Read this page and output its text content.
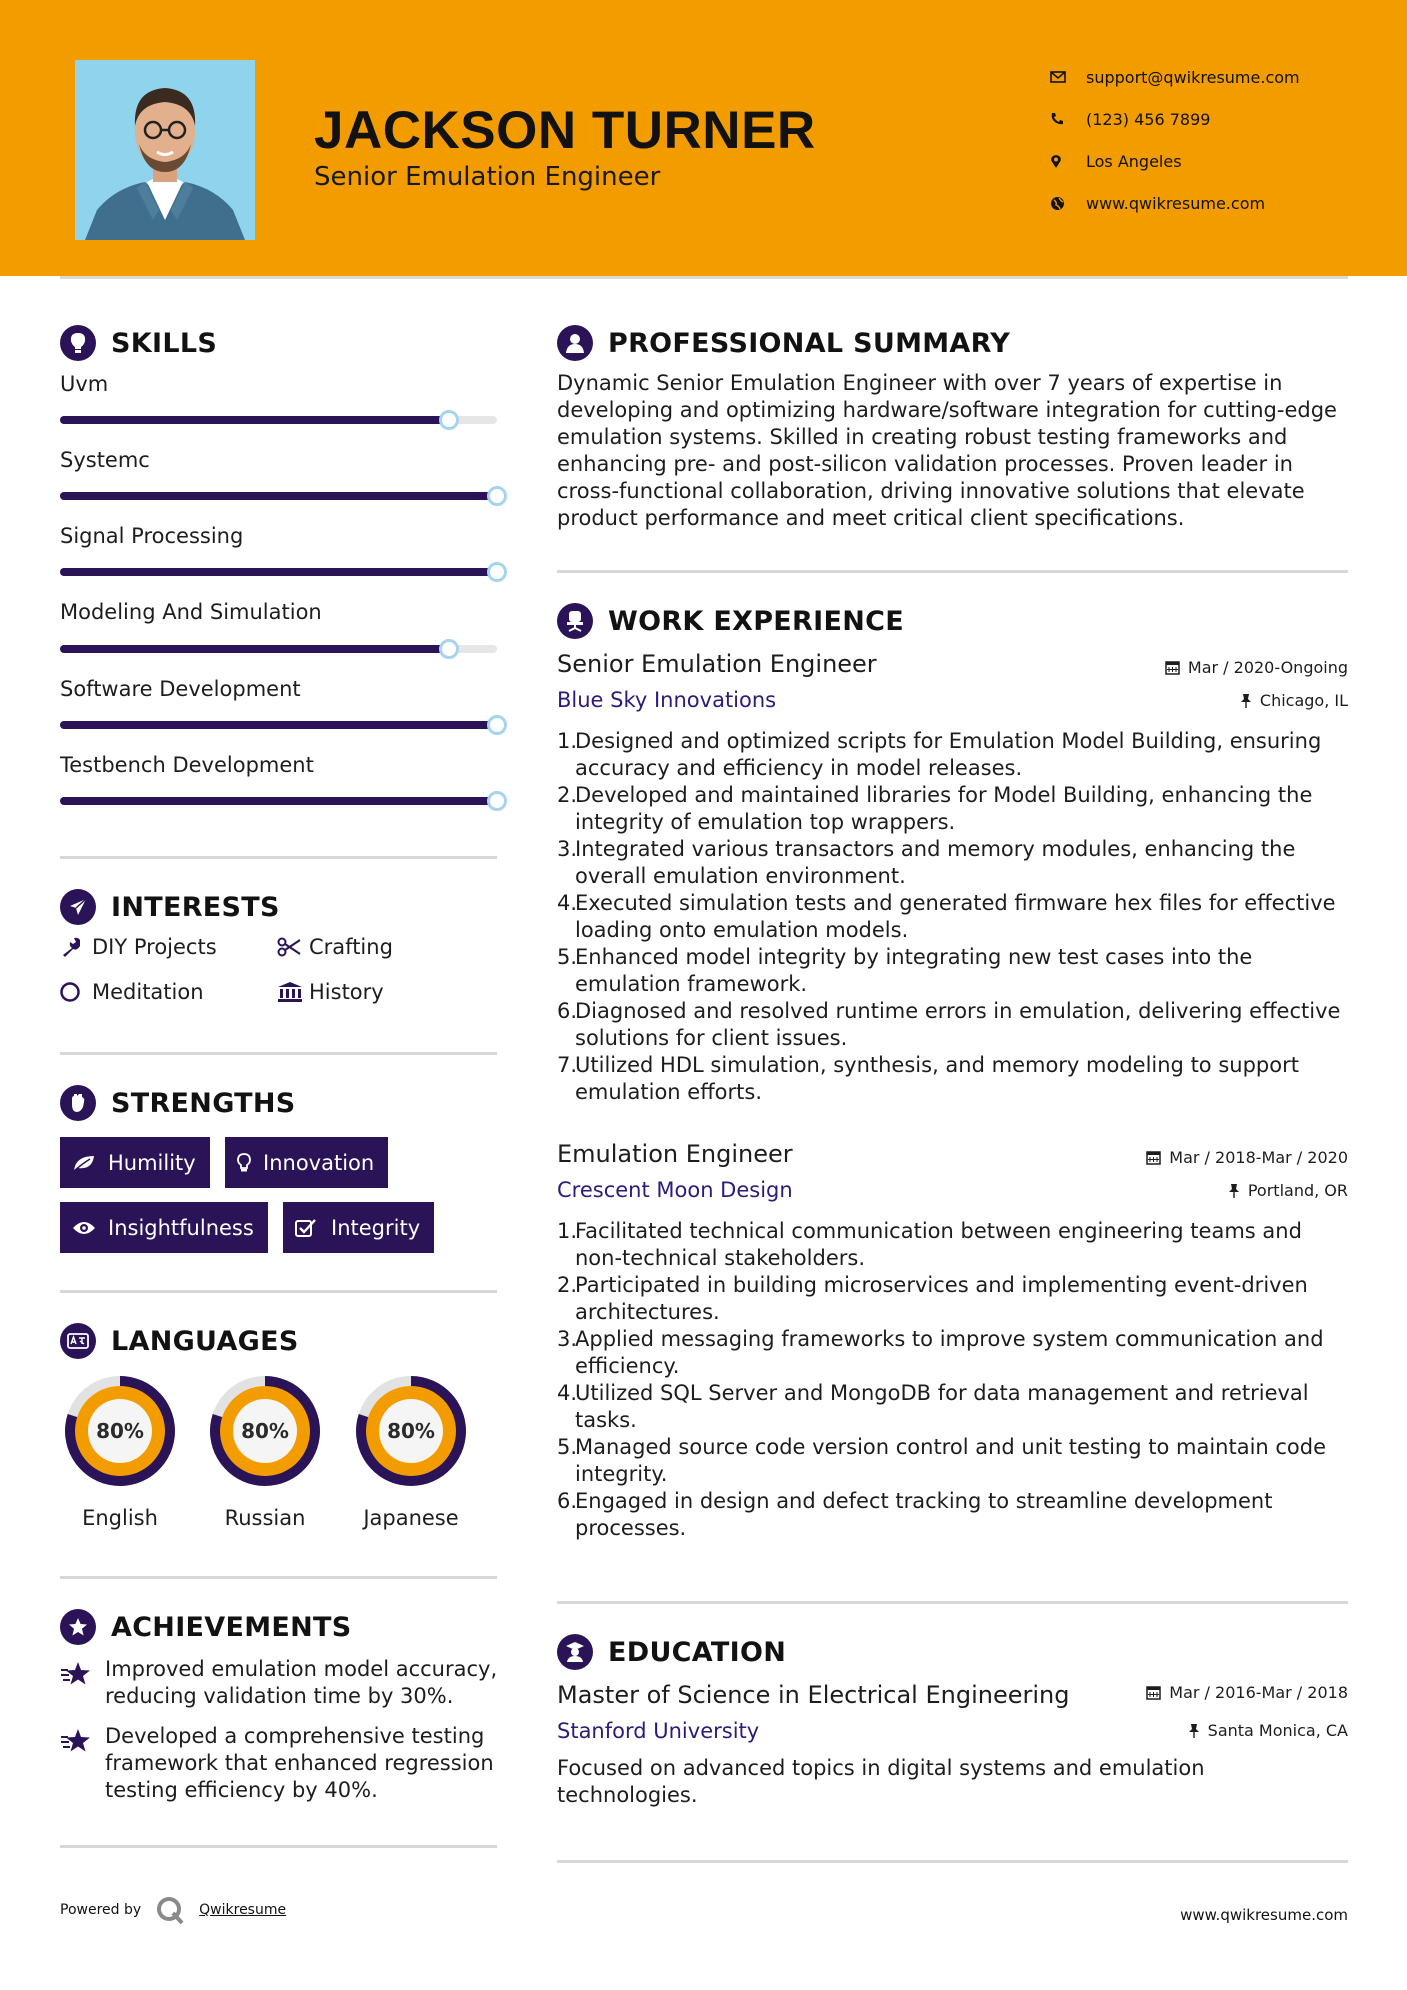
JACKSON TURNER
Senior Emulation Engineer
support@qwikresume.com
(123) 456 7899
Los Angeles
www.qwikresume.com
SKILLS
Uvm
Systemc
Signal Processing
Modeling And Simulation
Software Development
Testbench Development
INTERESTS
DIY Projects	Crafting
Meditation	History
STRENGTHS
Humility	Innovation
Insightfulness	Integrity
LANGUAGES
80%
English
80%
Russian
80%
Japanese
ACHIEVEMENTS
Improved emulation model accuracy, reducing validation time by 30%.
Developed a comprehensive testing framework that enhanced regression testing efficiency by 40%.
PROFESSIONAL SUMMARY
Dynamic Senior Emulation Engineer with over 7 years of expertise in developing and optimizing hardware/software integration for cutting-edge emulation systems. Skilled in creating robust testing frameworks and enhancing pre- and post-silicon validation processes. Proven leader in cross-functional collaboration, driving innovative solutions that elevate product performance and meet critical client specifications.
WORK EXPERIENCE
Senior Emulation Engineer	Mar / 2020-Ongoing
Blue Sky Innovations	Chicago, IL
1.
Designed and optimized scripts for Emulation Model Building, ensuring accuracy and efficiency in model releases.
2.
Developed and maintained libraries for Model Building, enhancing the integrity of emulation top wrappers.
3.
Integrated various transactors and memory modules, enhancing the overall emulation environment.
4.
Executed simulation tests and generated firmware hex files for effective loading onto emulation models.
5.
Enhanced model integrity by integrating new test cases into the emulation framework.
6.
Diagnosed and resolved runtime errors in emulation, delivering effective solutions for client issues.
7.
Utilized HDL simulation, synthesis, and memory modeling to support emulation efforts.
Emulation Engineer	Mar / 2018-Mar / 2020
Crescent Moon Design	Portland, OR
1.
Facilitated technical communication between engineering teams and non-technical stakeholders.
2.
Participated in building microservices and implementing event-driven architectures.
3.
Applied messaging frameworks to improve system communication and efficiency.
4.
Utilized SQL Server and MongoDB for data management and retrieval tasks.
5.
Managed source code version control and unit testing to maintain code integrity.
6.
Engaged in design and defect tracking to streamline development processes.
EDUCATION
Master of Science in Electrical Engineering	Mar / 2016-Mar / 2018
Stanford University	Santa Monica, CA
Focused on advanced topics in digital systems and emulation technologies.
Powered by	Qwikresume	www.qwikresume.com
